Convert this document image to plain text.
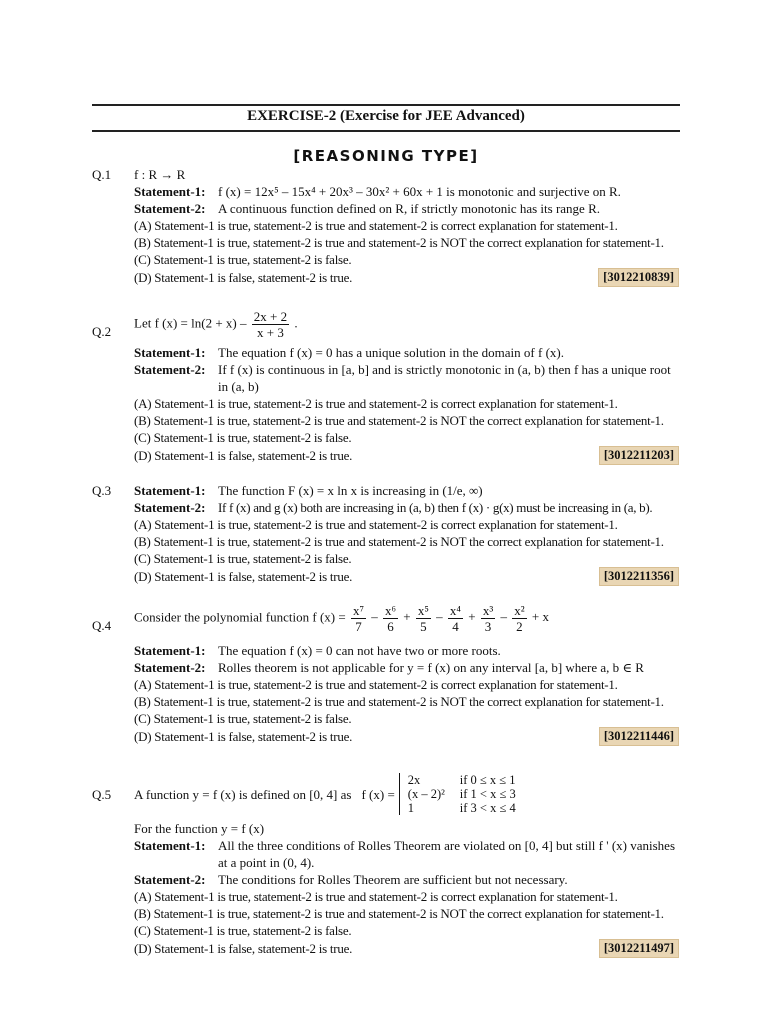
EXERCISE-2 (Exercise for JEE Advanced)
[REASONING TYPE]
Q.1	f : R → R
Statement-1: f (x) = 12x⁵ – 15x⁴ + 20x³ – 30x² + 60x + 1 is monotonic and surjective on R.
Statement-2: A continuous function defined on R, if strictly monotonic has its range R.
(A) Statement-1 is true, statement-2 is true and statement-2 is correct explanation for statement-1.
(B) Statement-1 is true, statement-2 is true and statement-2 is NOT the correct explanation for statement-1.
(C) Statement-1 is true, statement-2 is false.
(D) Statement-1 is false, statement-2 is true.	[3012210839]
Q.2
Let f $(x) = \ln(2 + x) - \frac{2x + 2}{x + 3}$ .
Statement-1: The equation f (x) = 0 has a unique solution in the domain of f (x).
Statement-2: If f (x) is continuous in [a, b] and is strictly monotonic in (a, b) then f has a unique root in (a, b)
(A) Statement-1 is true, statement-2 is true and statement-2 is correct explanation for statement-1.
(B) Statement-1 is true, statement-2 is true and statement-2 is NOT the correct explanation for statement-1.
(C) Statement-1 is true, statement-2 is false.
(D) Statement-1 is false, statement-2 is true.	[3012211203]
Q.3	Statement-1: The function F (x) = x ln x is increasing in (1/e, ∞)
Statement-2: If f (x) and g (x) both are increasing in (a, b) then f (x) · g(x) must be increasing in (a, b).
(A) Statement-1 is true, statement-2 is true and statement-2 is correct explanation for statement-1.
(B) Statement-1 is true, statement-2 is true and statement-2 is NOT the correct explanation for statement-1.
(C) Statement-1 is true, statement-2 is false.
(D) Statement-1 is false, statement-2 is true.	[3012211356]
Q.4
Consider the polynomial function f $(x) = \frac{\text{x⁷}}{7} - \frac{\text{x⁶}}{6} + \frac{\text{x⁵}}{5} - \frac{\text{x⁴}}{4} + \frac{\text{x³}}{3} - \frac{\text{x²}}{2} + x$
Statement-1: The equation f (x) = 0 can not have two or more roots.
Statement-2: Rolles theorem is not applicable for y = f (x) on any interval [a, b] where a, b ∈ R
(A) Statement-1 is true, statement-2 is true and statement-2 is correct explanation for statement-1.
(B) Statement-1 is true, statement-2 is true and statement-2 is NOT the correct explanation for statement-1.
(C) Statement-1 is true, statement-2 is false.
(D) Statement-1 is false, statement-2 is true.	[3012211446]
Q.5	A function y = f (x) is defined on [0, 4] as f (x) =
2x	if 0 ≤ x ≤ 1
(x – 2)²	if 1 < x ≤ 3
1	if 3 < x ≤ 4
For the function y = f (x)
Statement-1: All the three conditions of Rolles Theorem are violated on [0, 4] but still f ' (x) vanishes at a point in (0, 4).
Statement-2: The conditions for Rolles Theorem are sufficient but not necessary.
(A) Statement-1 is true, statement-2 is true and statement-2 is correct explanation for statement-1.
(B) Statement-1 is true, statement-2 is true and statement-2 is NOT the correct explanation for statement-1.
(C) Statement-1 is true, statement-2 is false.
(D) Statement-1 is false, statement-2 is true.	[3012211497]
